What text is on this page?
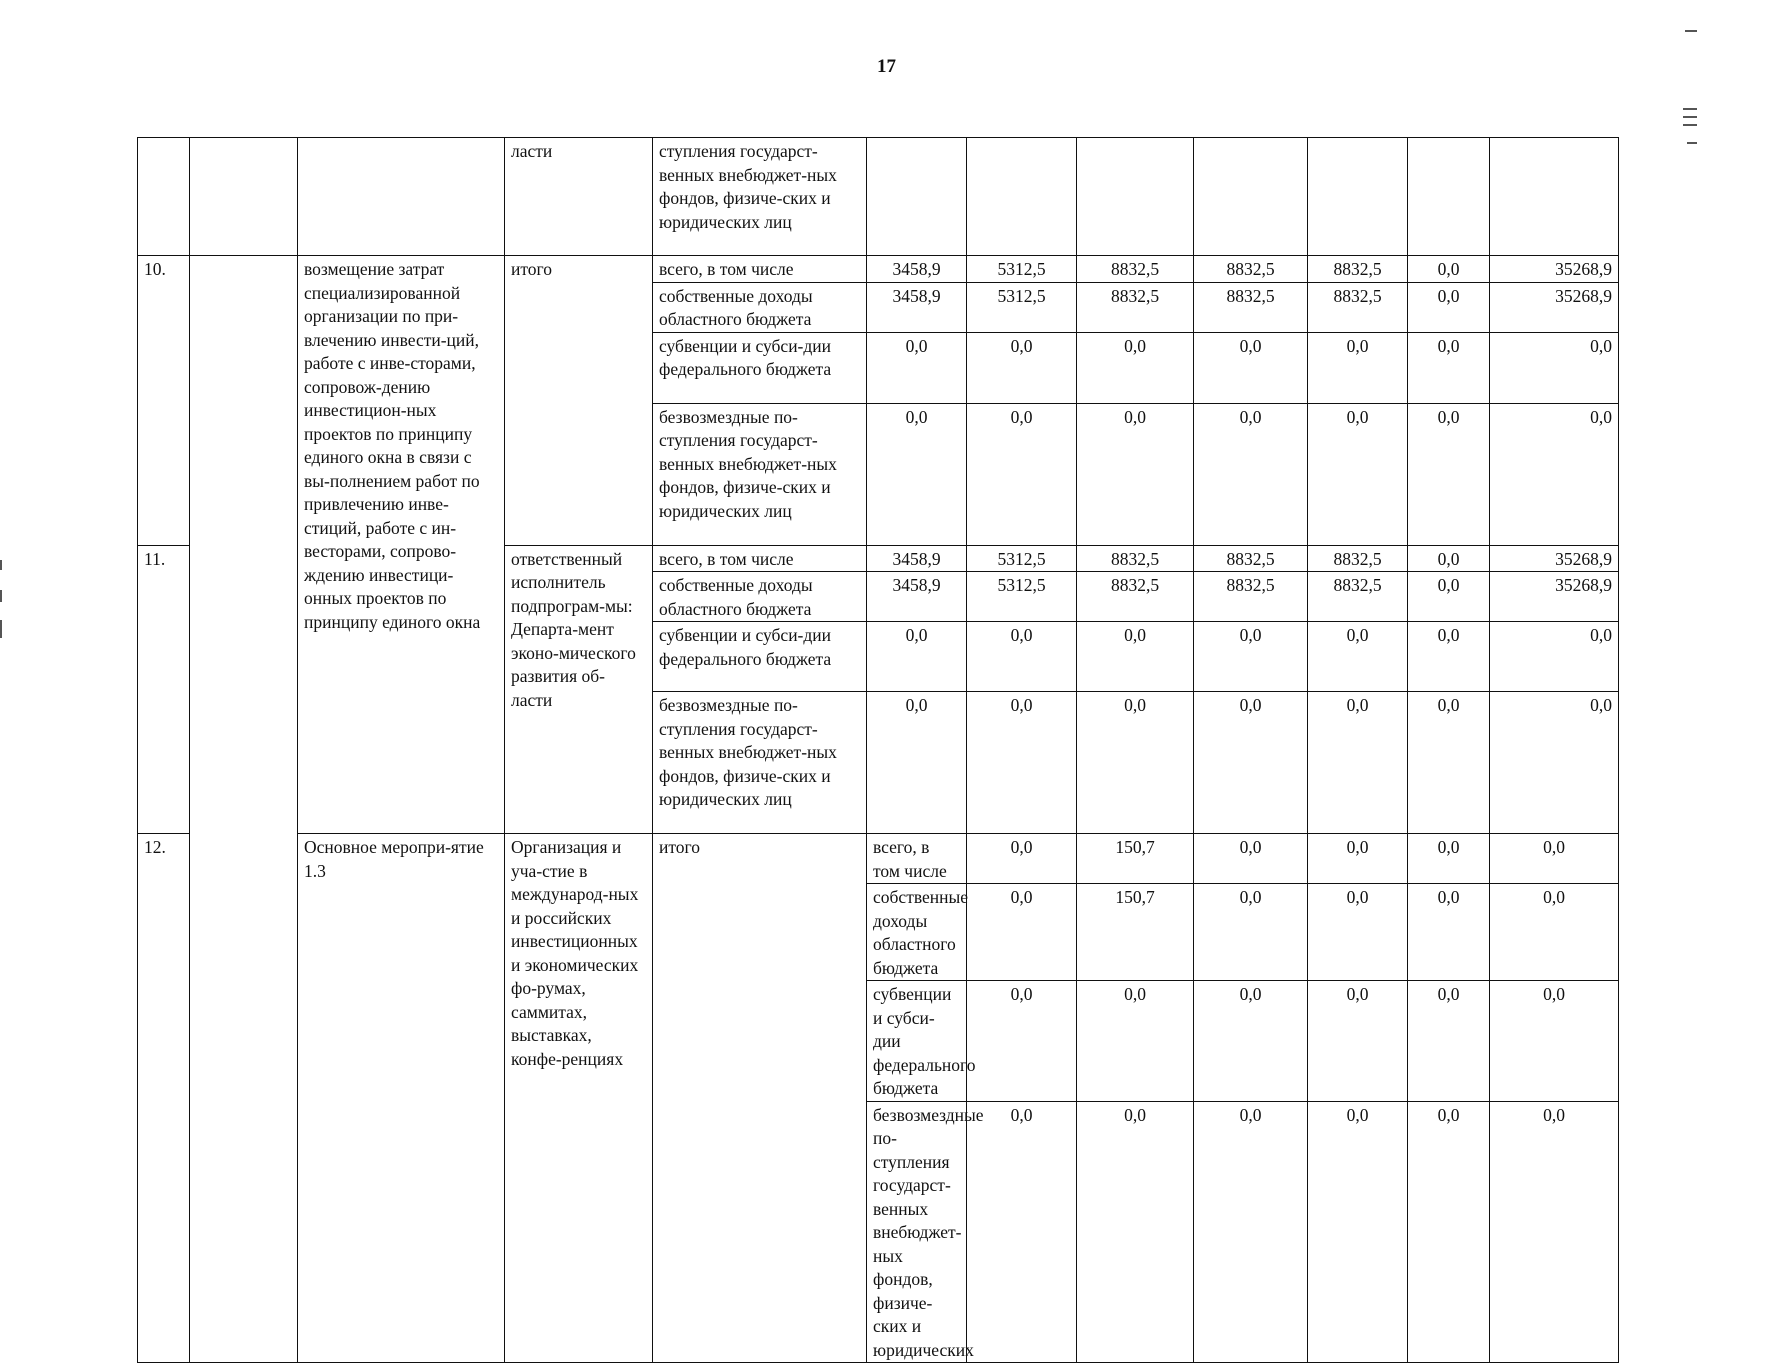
17
			ласти	ступления государст-венных внебюджет-ных фондов, физиче-ских и юридических лиц								
10.		возмещение затрат специализированной организации по при-влечению инвести-ций, работе с инве-сторами, сопровож-дению инвестицион-ных проектов по принципу единого окна в связи с вы-полнением работ по привлечению инве-стиций, работе с ин-весторами, сопрово-ждению инвестици-онных проектов по принципу единого окна	итого	всего, в том числе	3458,9	5312,5	8832,5	8832,5	8832,5	0,0	35268,9	
				собственные доходы областного бюджета	3458,9	5312,5	8832,5	8832,5	8832,5	0,0	35268,9	
				субвенции и субси-дии федерального бюджета	0,0	0,0	0,0	0,0	0,0	0,0	0,0	
				безвозмездные по-ступления государст-венных внебюджет-ных фондов, физиче-ских и юридических лиц	0,0	0,0	0,0	0,0	0,0	0,0	0,0	
11.			ответственный исполнитель подпрограм-мы: Департа-мент эконо-мического развития об-ласти	всего, в том числе	3458,9	5312,5	8832,5	8832,5	8832,5	0,0	35268,9	
				собственные доходы областного бюджета	3458,9	5312,5	8832,5	8832,5	8832,5	0,0	35268,9	
				субвенции и субси-дии федерального бюджета	0,0	0,0	0,0	0,0	0,0	0,0	0,0	
				безвозмездные по-ступления государст-венных внебюджет-ных фондов, физиче-ских и юридических лиц	0,0	0,0	0,0	0,0	0,0	0,0	0,0	
12.		Основное меропри-ятие 1.3	Организация и уча-стие в международ-ных и российских инвестиционных и экономических фо-румах, саммитах, выставках, конфе-ренциях	итого	всего, в том числе	0,0	150,7	0,0	0,0	0,0	0,0	
					собственные доходы областного бюджета	0,0	150,7	0,0	0,0	0,0	0,0	
					субвенции и субси-дии федерального бюджета	0,0	0,0	0,0	0,0	0,0	0,0	
					безвозмездные по-ступления государст-венных внебюджет-ных фондов, физиче-ских и юридических	0,0	0,0	0,0	0,0	0,0	0,0	
